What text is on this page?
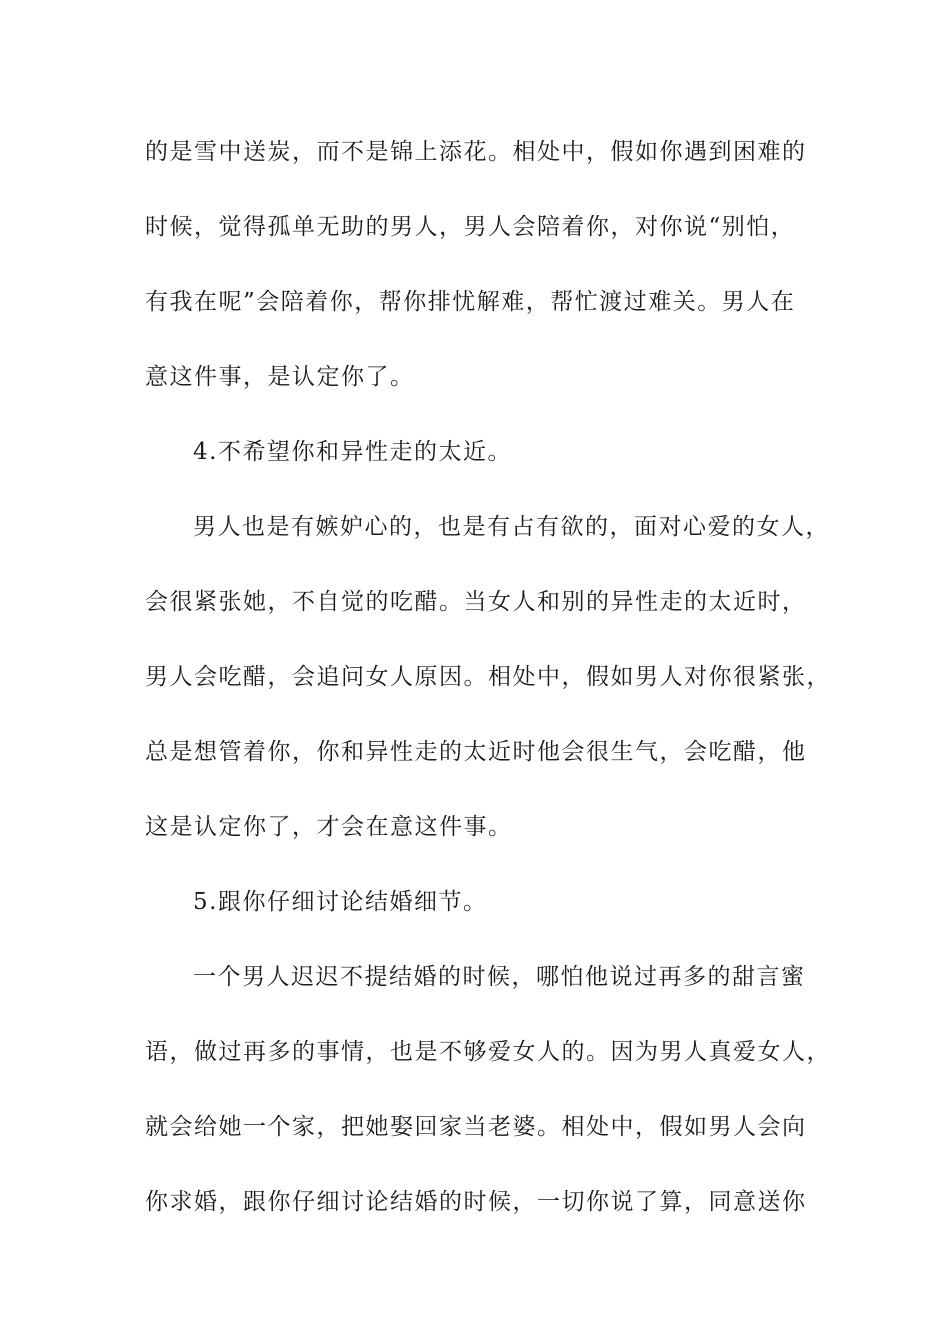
的是雪中送炭，而不是锦上添花。相处中，假如你遇到困难的
时候，觉得孤单无助的男人，男人会陪着你，对你说“别怕，
有我在呢”会陪着你，帮你排忧解难，帮忙渡过难关。男人在
意这件事，是认定你了。
4.不希望你和异性走的太近。
男人也是有嫉妒心的，也是有占有欲的，面对心爱的女人，
会很紧张她，不自觉的吃醋。当女人和别的异性走的太近时，
男人会吃醋，会追问女人原因。相处中，假如男人对你很紧张，
总是想管着你，你和异性走的太近时他会很生气，会吃醋，他
这是认定你了，才会在意这件事。
5.跟你仔细讨论结婚细节。
一个男人迟迟不提结婚的时候，哪怕他说过再多的甜言蜜
语，做过再多的事情，也是不够爱女人的。因为男人真爱女人，
就会给她一个家，把她娶回家当老婆。相处中，假如男人会向
你求婚，跟你仔细讨论结婚的时候，一切你说了算，同意送你
